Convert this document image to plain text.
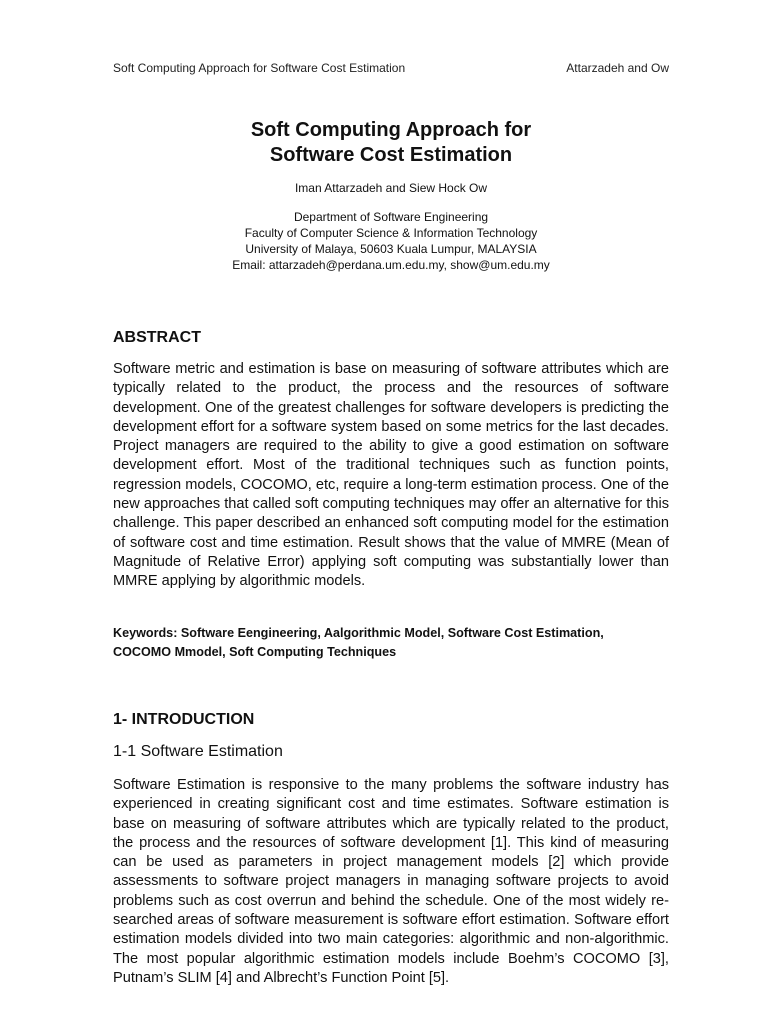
Soft Computing Approach for Software Cost Estimation	Attarzadeh and Ow
Soft Computing Approach for
Software Cost Estimation
Iman Attarzadeh and Siew Hock Ow
Department of Software Engineering
Faculty of Computer Science & Information Technology
University of Malaya, 50603 Kuala Lumpur, MALAYSIA
Email: attarzadeh@perdana.um.edu.my, show@um.edu.my
ABSTRACT
Software metric and estimation is base on measuring of software attributes which are typically related to the product, the process and the resources of software development. One of the greatest challenges for software developers is predicting the development effort for a software system based on some metrics for the last decades. Project managers are required to the ability to give a good estimation on software development effort. Most of the traditional techniques such as function points, regression models, COCOMO, etc, require a long-term estimation process. One of the new approaches that called soft computing techniques may offer an alternative for this challenge. This paper described an enhanced soft computing model for the estimation of software cost and time estimation. Result shows that the value of MMRE (Mean of Magnitude of Relative Error) applying soft computing was substantially lower than MMRE applying by algorithmic models.
Keywords: Software Eengineering, Aalgorithmic Model, Software Cost Estimation,
COCOMO Mmodel, Soft Computing Techniques
1- INTRODUCTION
1-1 Software Estimation
Software Estimation is responsive to the many problems the software industry has experienced in creating significant cost and time estimates. Software estimation is base on measuring of software attributes which are typically related to the product, the process and the resources of software development [1]. This kind of measuring can be used as parameters in project management models [2] which provide assessments to software project managers in managing software projects to avoid problems such as cost overrun and behind the schedule. One of the most widely researched areas of software measurement is software effort estimation. Software effort estimation models divided into two main categories: algorithmic and non-algorithmic. The most popular algorithmic estimation models include Boehm’s COCOMO [3], Putnam’s SLIM [4] and Albrecht’s Function Point [5].
